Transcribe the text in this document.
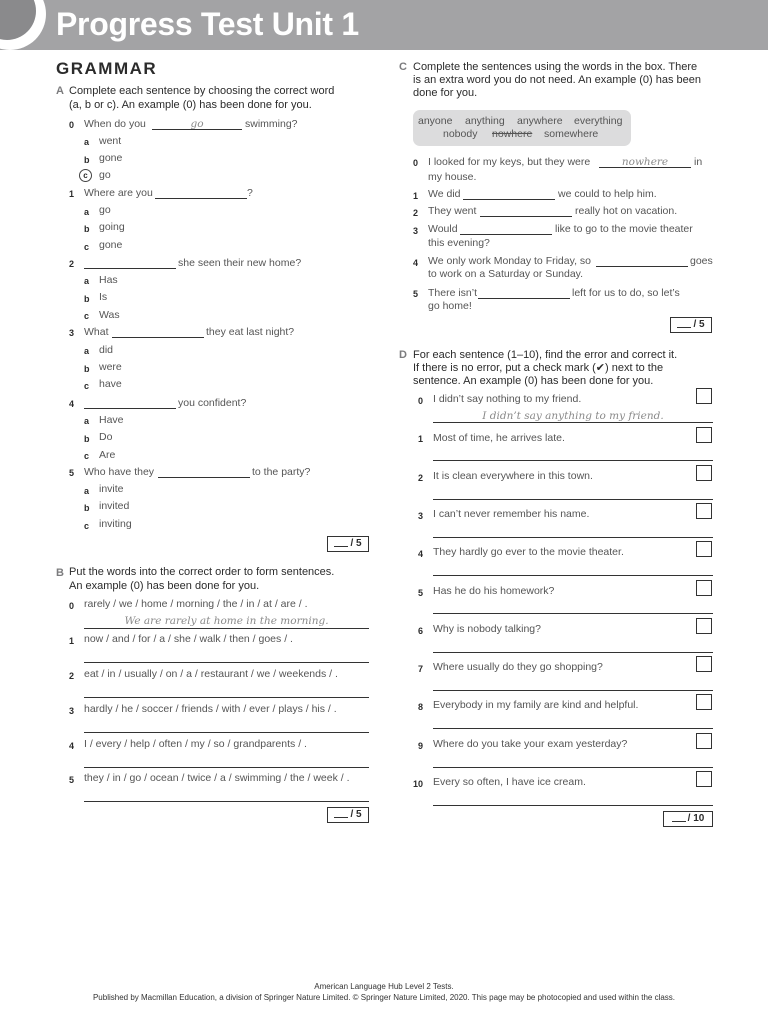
Progress Test Unit 1
GRAMMAR
A Complete each sentence by choosing the correct word
(a, b or c). An example (0) has been done for you.
0 When do you	go	swimming?
a went
b gone
c	go
1 Where are you	?
a go
b going
c gone
2	she seen their new home?
a Has
b Is
c Was
3 What	they eat last night?
a did
b were
c have
4	you confident?
a Have
b Do
c Are
5 Who have they	to the party?
a invite
b invited
c inviting
/ 5
B Put the words into the correct order to form sentences.
An example (0) has been done for you.
0 rarely / we / home / morning / the / in / at / are / .
We are rarely at home in the morning.
1 now / and / for / a / she / walk / then / goes / .
2 eat / in / usually / on / a / restaurant / we / weekends / .
3 hardly / he / soccer / friends / with / ever / plays / his / .
4 I / every / help / often / my / so / grandparents / .
5 they / in / go / ocean / twice / a / swimming / the / week / .
/ 5
C Complete the sentences using the words in the box. There
is an extra word you do not need. An example (0) has been
done for you.
anyone anything anywhere everything
nobody nowhere somewhere
0 I looked for my keys, but they were	nowhere	in
my house.
1 We did	we could to help him.
2 They went	really hot on vacation.
3 Would	like to go to the movie theater
this evening?
4 We only work Monday to Friday, so	goes
to work on a Saturday or Sunday.
5 There isn’t	left for us to do, so let’s
go home!
/ 5
D For each sentence (1–10), find the error and correct it.
If there is no error, put a check mark (✔) next to the
sentence. An example (0) has been done for you.
0 I didn’t say nothing to my friend.
I didn’t say anything to my friend.
1 Most of time, he arrives late.
2 It is clean everywhere in this town.
3 I can’t never remember his name.
4 They hardly go ever to the movie theater.
5 Has he do his homework?
6 Why is nobody talking?
7 Where usually do they go shopping?
8 Everybody in my family are kind and helpful.
9 Where do you take your exam yesterday?
10 Every so often, I have ice cream.
/ 10
American Language Hub Level 2 Tests.
Published by Macmillan Education, a division of Springer Nature Limited. © Springer Nature Limited, 2020. This page may be photocopied and used within the class.
